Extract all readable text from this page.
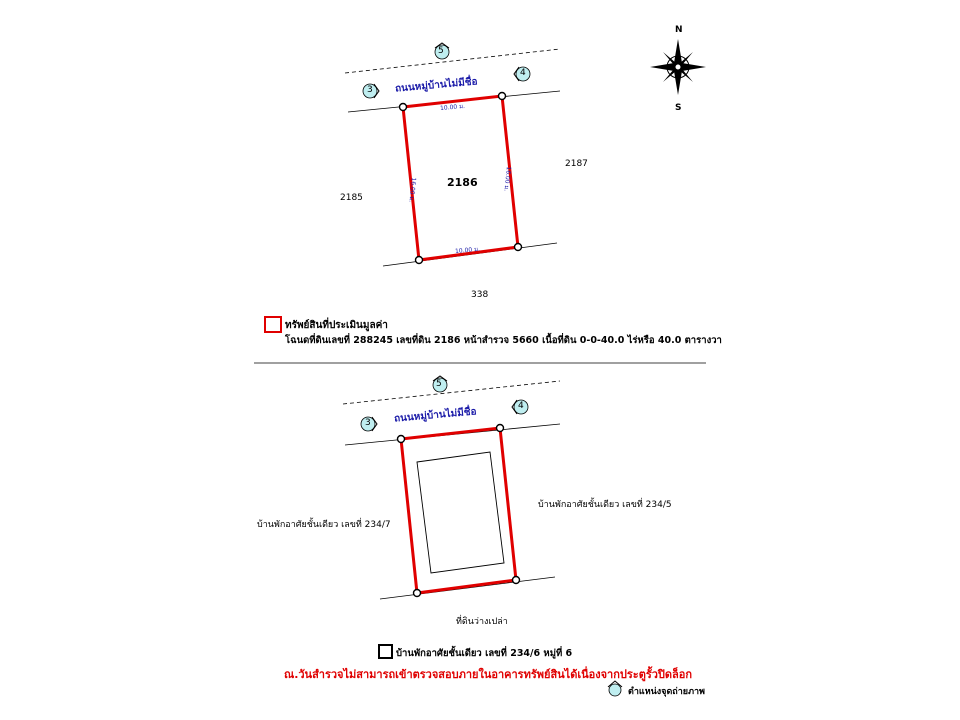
N
S
5
4
3 ถนนหมู่บ้านไม่มีชื่อ
10.00 ม.
10.00 ม.
16.00 ม.	16.00 ม.
2186
2185
2187
338
ทรัพย์สินที่ประเมินมูลค่า
โฉนดที่ดินเลขที่ 288245 เลขที่ดิน 2186 หน้าสำรวจ 5660 เนื้อที่ดิน 0-0-40.0 ไร่หรือ 40.0 ตารางวา
5
4
3 ถนนหมู่บ้านไม่มีชื่อ
บ้านพักอาศัยชั้นเดียว เลขที่ 234/7
บ้านพักอาศัยชั้นเดียว เลขที่ 234/5
ที่ดินว่างเปล่า
บ้านพักอาศัยชั้นเดียว เลขที่ 234/6 หมู่ที่ 6
ณ.วันสำรวจไม่สามารถเข้าตรวจสอบภายในอาคารทรัพย์สินได้เนื่องจากประตูรั้วปิดล็อก
ตำแหน่งจุดถ่ายภาพ
